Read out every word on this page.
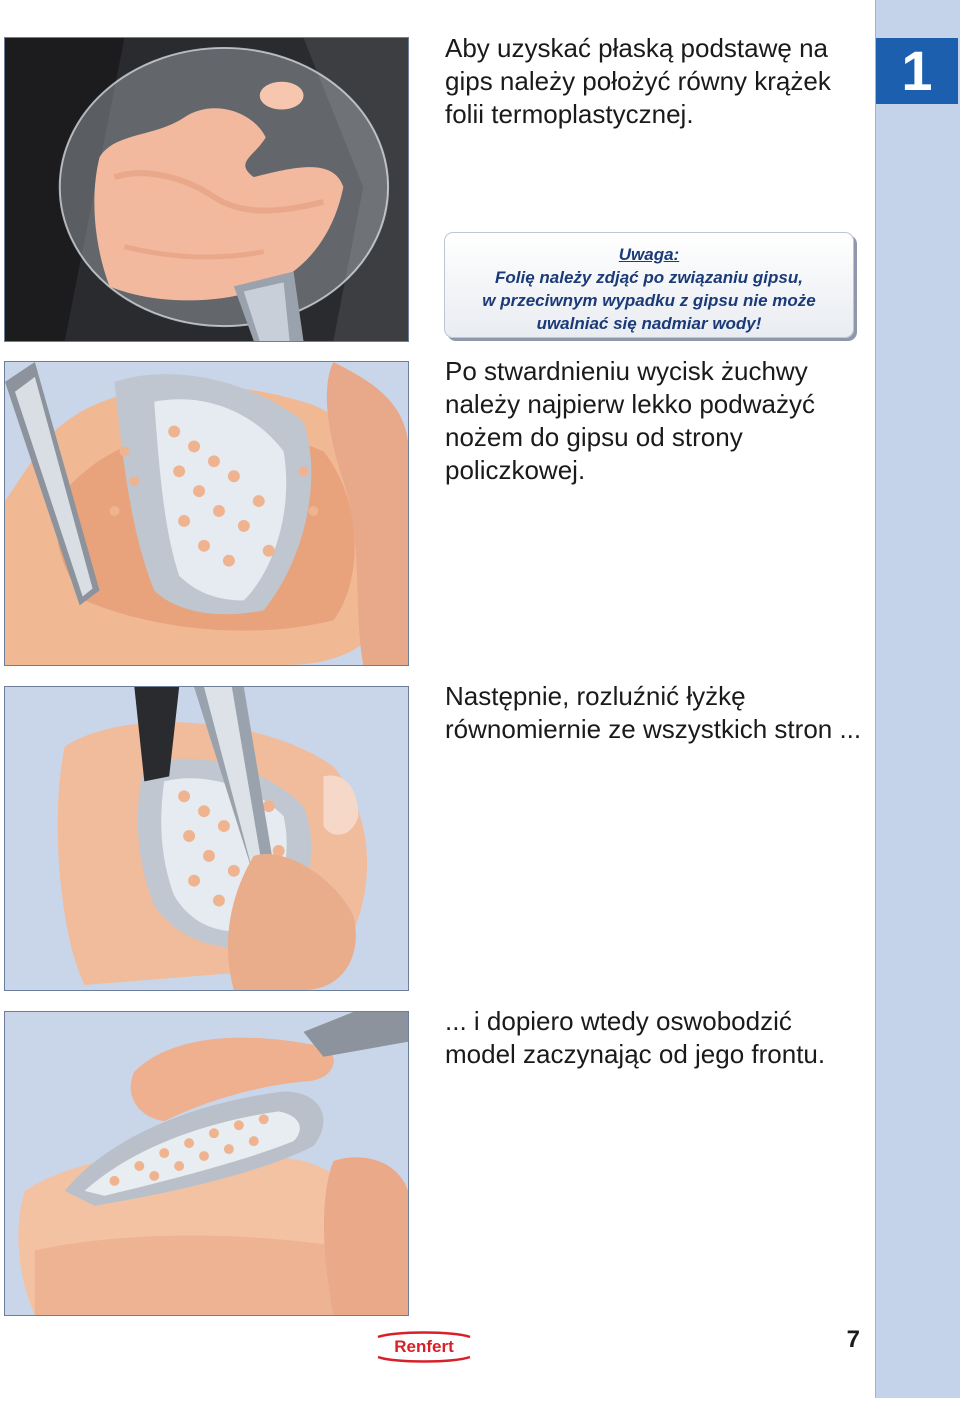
1

Aby uzyskać płaską podstawę na gips należy położyć równy krążek folii termoplastycznej.

Uwaga:
Folię należy zdjąć po związaniu gipsu,
w przeciwnym wypadku z gipsu nie może
uwalniać się nadmiar wody!

Po stwardnieniu wycisk żuchwy należy najpierw lekko podważyć nożem do gipsu od strony policzkowej.

Następnie, rozluźnić łyżkę równomiernie ze wszystkich stron ...

... i dopiero wtedy oswobodzić model zaczynając od jego frontu.

Renfert	7
